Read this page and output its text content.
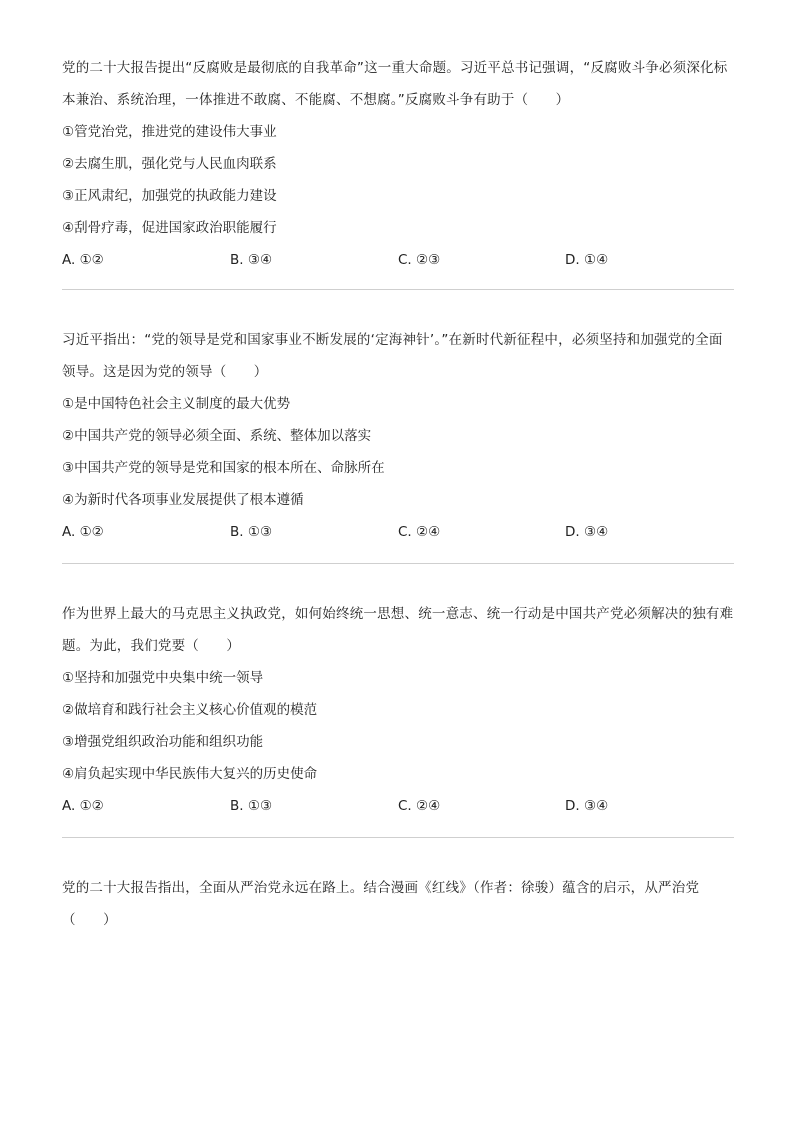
党的二十大报告提出“反腐败是最彻底的自我革命”这一重大命题。习近平总书记强调，“反腐败斗争必须深化标本兼治、系统治理，一体推进不敢腐、不能腐、不想腐。”反腐败斗争有助于（　　）

①管党治党，推进党的建设伟大事业

②去腐生肌，强化党与人民血肉联系

③正风肃纪，加强党的执政能力建设

④刮骨疗毒，促进国家政治职能履行

A. ①②	B. ③④	C. ②③	D. ①④

习近平指出：“党的领导是党和国家事业不断发展的‘定海神针’。”在新时代新征程中，必须坚持和加强党的全面领导。这是因为党的领导（　　）

①是中国特色社会主义制度的最大优势

②中国共产党的领导必须全面、系统、整体加以落实

③中国共产党的领导是党和国家的根本所在、命脉所在

④为新时代各项事业发展提供了根本遵循

A. ①②	B. ①③	C. ②④	D. ③④

作为世界上最大的马克思主义执政党，如何始终统一思想、统一意志、统一行动是中国共产党必须解决的独有难题。为此，我们党要（　　）

①坚持和加强党中央集中统一领导

②做培育和践行社会主义核心价值观的模范

③增强党组织政治功能和组织功能

④肩负起实现中华民族伟大复兴的历史使命

A. ①②	B. ①③	C. ②④	D. ③④

党的二十大报告指出，全面从严治党永远在路上。结合漫画《红线》（作者：徐骏）蕴含的启示，从严治党（　　）
